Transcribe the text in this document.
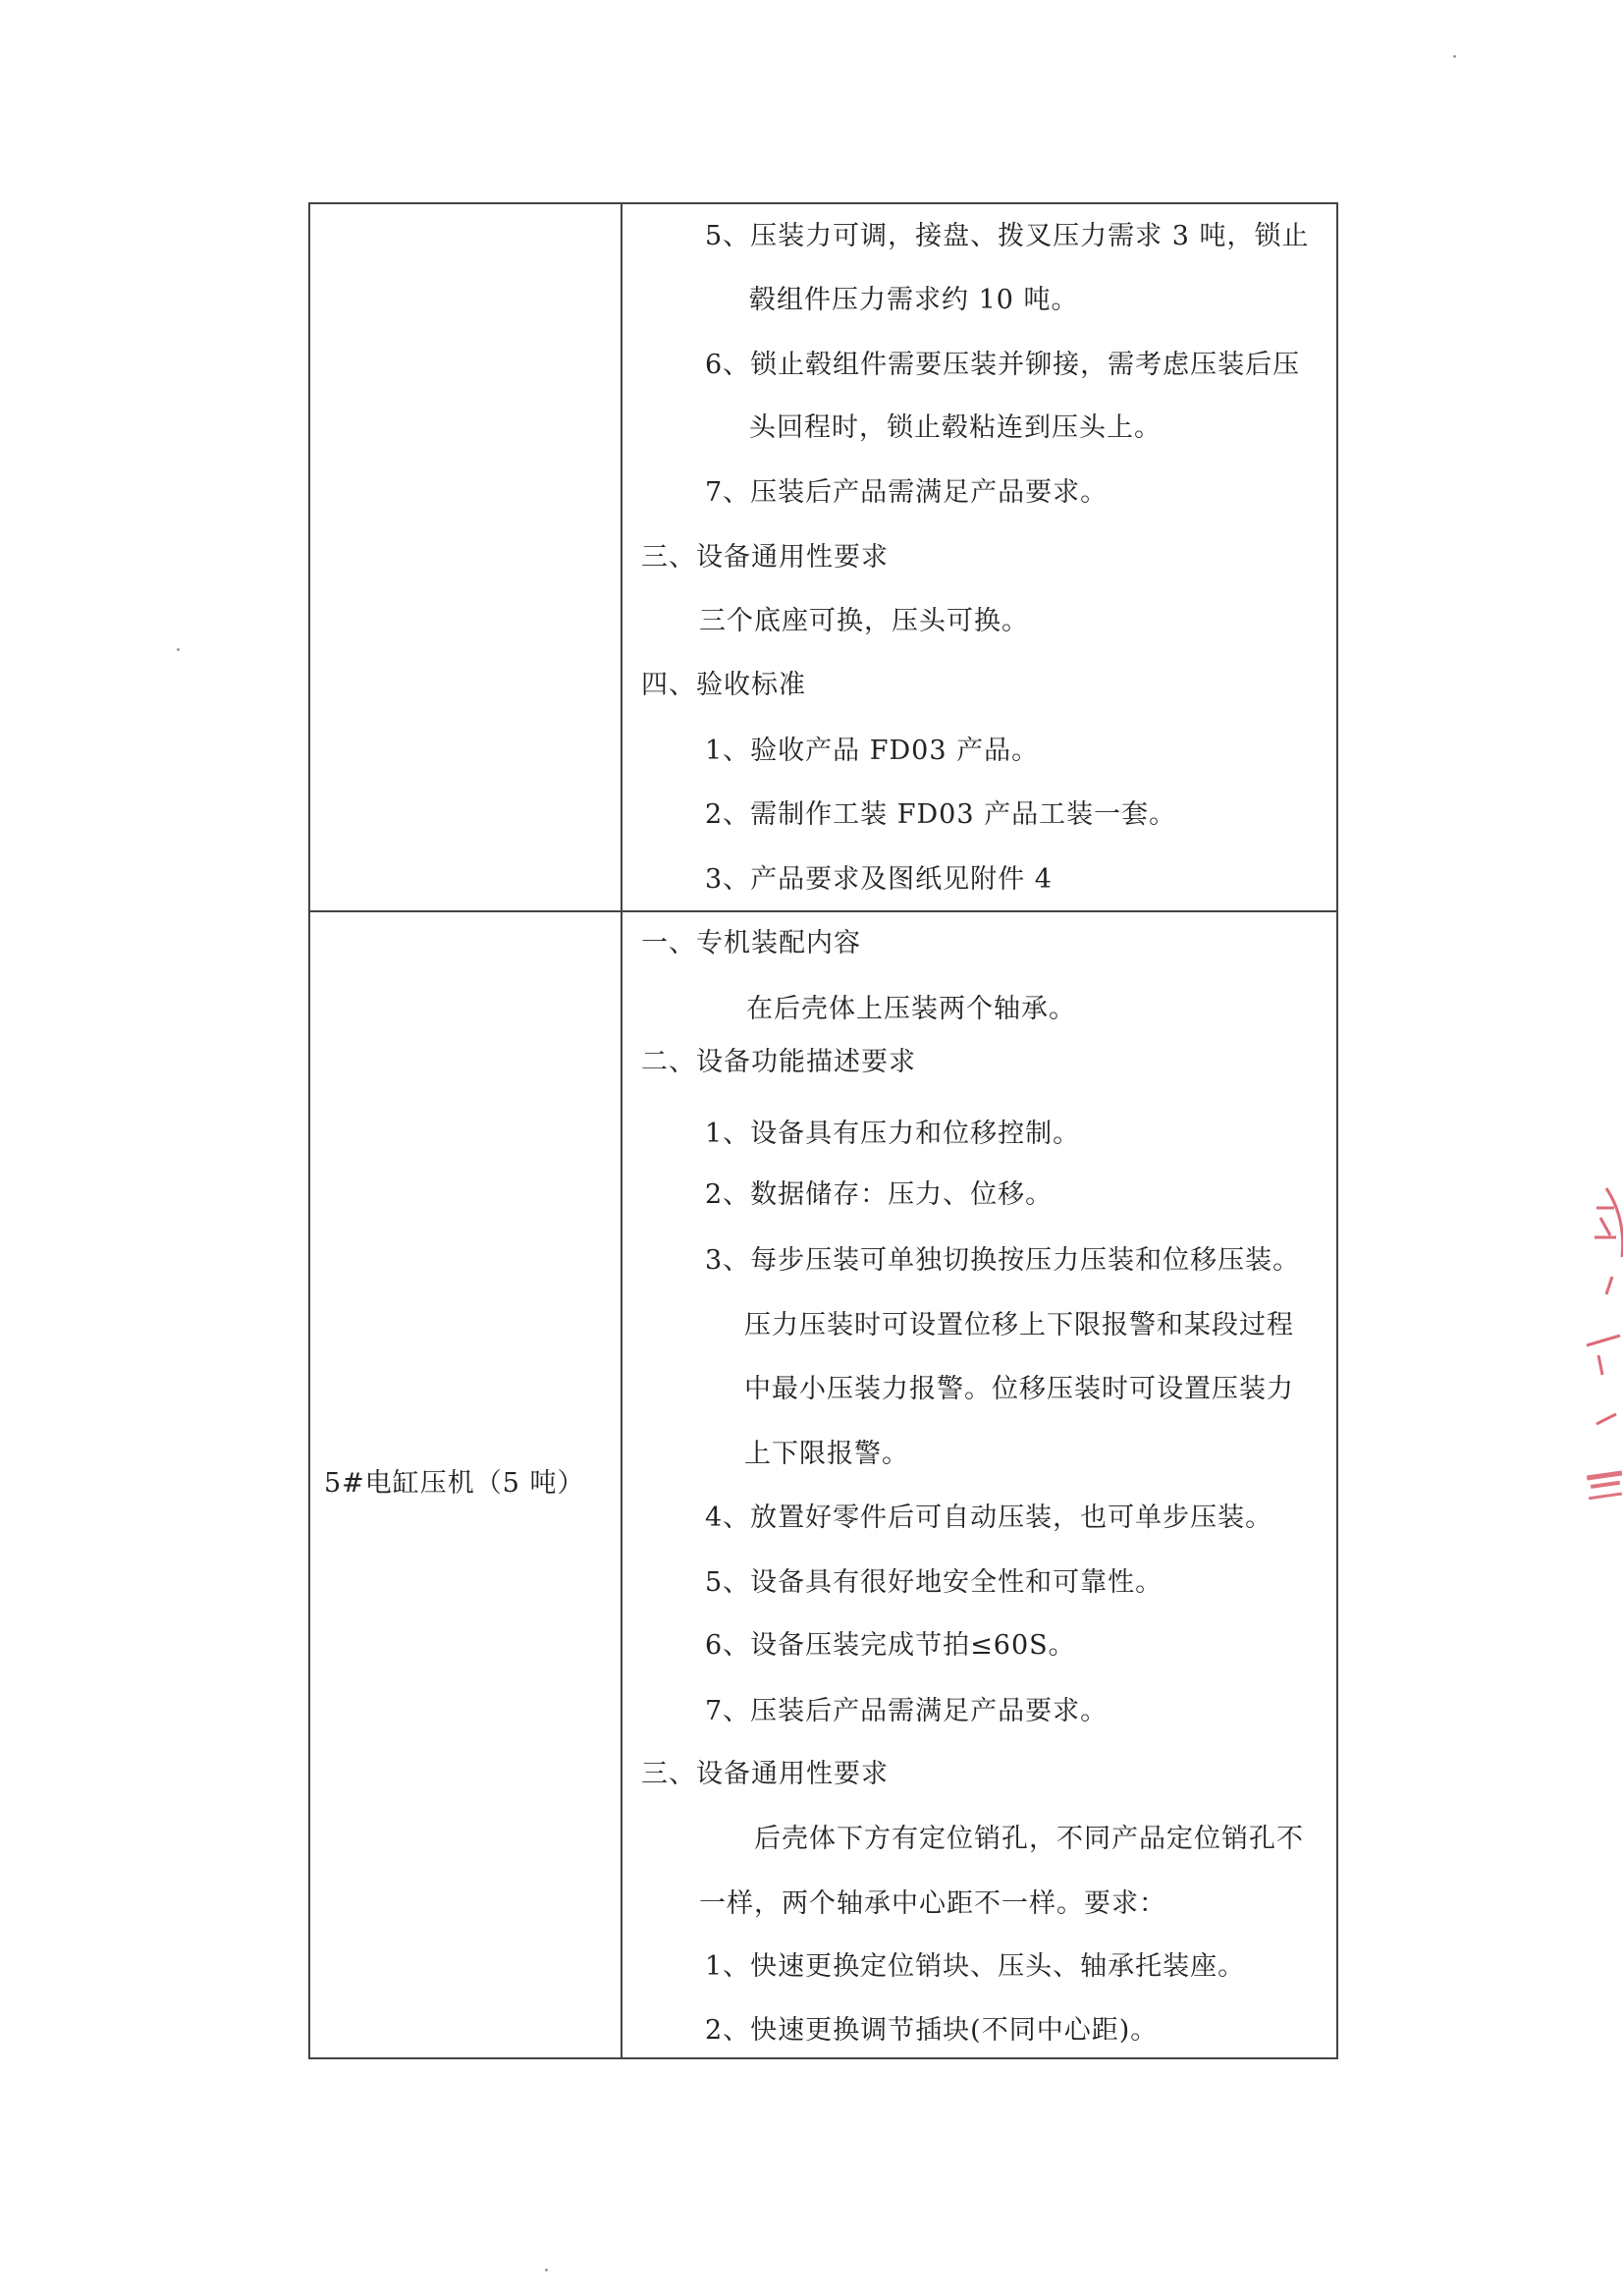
5、压装力可调，接盘、拨叉压力需求 3 吨，锁止
毂组件压力需求约 10 吨。
6、锁止毂组件需要压装并铆接，需考虑压装后压
头回程时，锁止毂粘连到压头上。
7、压装后产品需满足产品要求。
三、设备通用性要求
三个底座可换，压头可换。
四、验收标准
1、验收产品 FD03 产品。
2、需制作工装 FD03 产品工装一套。
3、产品要求及图纸见附件 4
5#电缸压机（5 吨）
一、专机装配内容
在后壳体上压装两个轴承。
二、设备功能描述要求
1、设备具有压力和位移控制。
2、数据储存：压力、位移。
3、每步压装可单独切换按压力压装和位移压装。
压力压装时可设置位移上下限报警和某段过程
中最小压装力报警。位移压装时可设置压装力
上下限报警。
4、放置好零件后可自动压装，也可单步压装。
5、设备具有很好地安全性和可靠性。
6、设备压装完成节拍≤60S。
7、压装后产品需满足产品要求。
三、设备通用性要求
后壳体下方有定位销孔，不同产品定位销孔不
一样，两个轴承中心距不一样。要求：
1、快速更换定位销块、压头、轴承托装座。
2、快速更换调节插块(不同中心距)。
